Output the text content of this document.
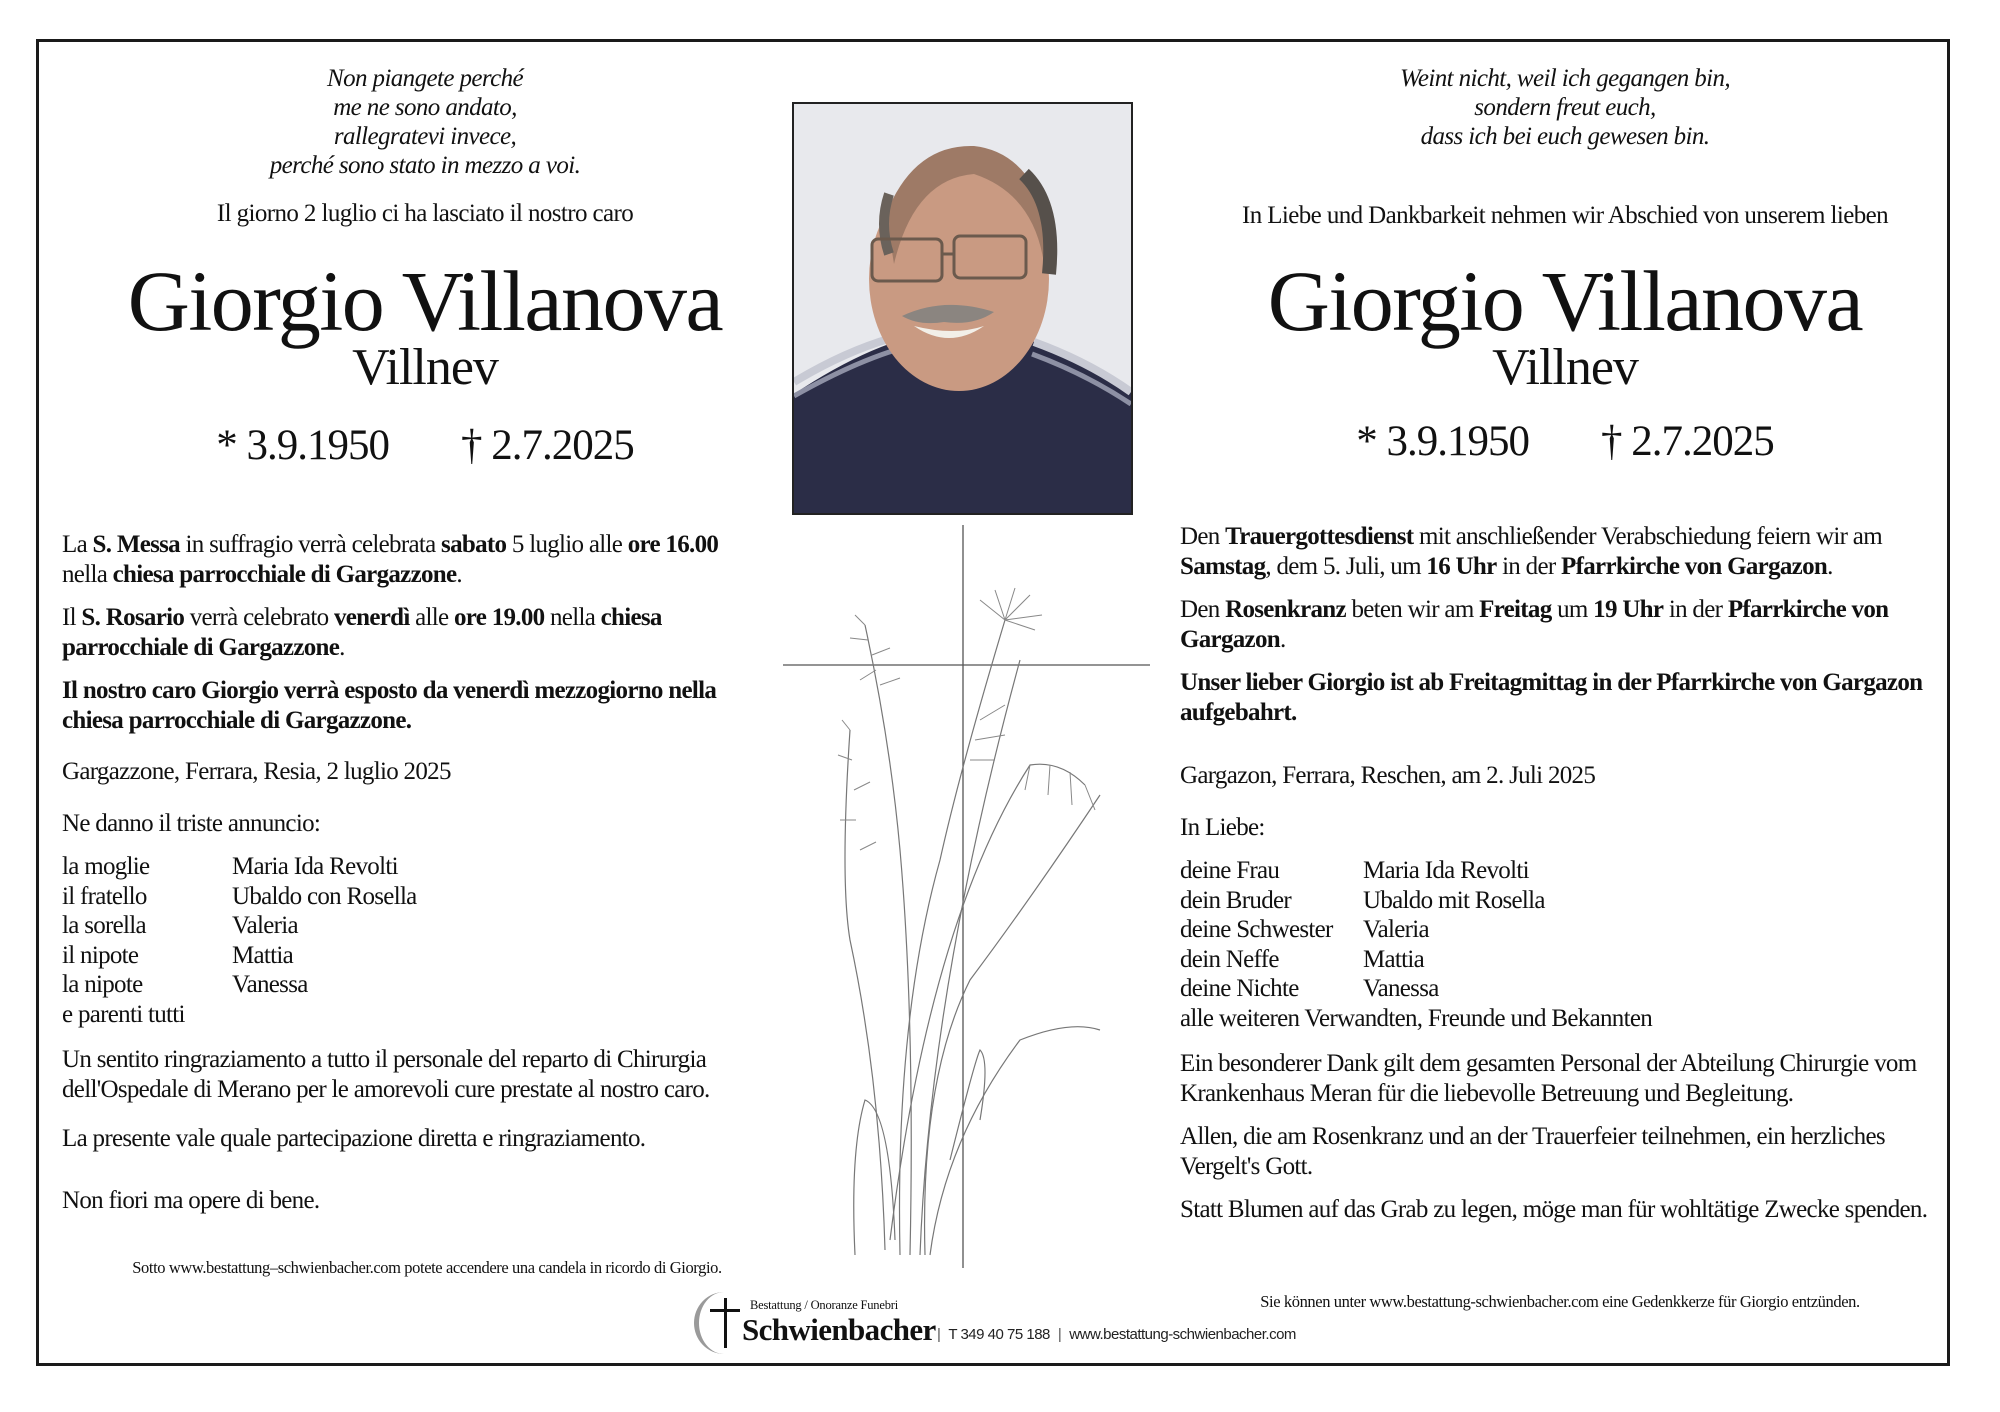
Non piangete perché
me ne sono andato,
rallegratevi invece,
perché sono stato in mezzo a voi.
Il giorno 2 luglio ci ha lasciato il nostro caro
Giorgio Villanova
Villnev
* 3.9.1950 † 2.7.2025

La S. Messa in suffragio verrà celebrata sabato 5 luglio alle ore 16.00 nella chiesa parrocchiale di Gargazzone.

Il S. Rosario verrà celebrato venerdì alle ore 19.00 nella chiesa parrocchiale di Gargazzone.

Il nostro caro Giorgio verrà esposto da venerdì mezzogiorno nella chiesa parrocchiale di Gargazzone.

Gargazzone, Ferrara, Resia, 2 luglio 2025

Ne danno il triste annuncio:

la moglie	Maria Ida Revolti
il fratello	Ubaldo con Rosella
la sorella	Valeria
il nipote	Mattia
la nipote	Vanessa
e parenti tutti

Un sentito ringraziamento a tutto il personale del reparto di Chirurgia dell'Ospedale di Merano per le amorevoli cure prestate al nostro caro.

La presente vale quale partecipazione diretta e ringraziamento.

Non fiori ma opere di bene.

Sotto www.bestattung–schwienbacher.com potete accendere una candela in ricordo di Giorgio.
Weint nicht, weil ich gegangen bin,
sondern freut euch,
dass ich bei euch gewesen bin.
In Liebe und Dankbarkeit nehmen wir Abschied von unserem lieben
Giorgio Villanova
Villnev
* 3.9.1950 † 2.7.2025

Den Trauergottesdienst mit anschließender Verabschiedung feiern wir am Samstag, dem 5. Juli, um 16 Uhr in der Pfarrkirche von Gargazon.

Den Rosenkranz beten wir am Freitag um 19 Uhr in der Pfarrkirche von Gargazon.

Unser lieber Giorgio ist ab Freitagmittag in der Pfarrkirche von Gargazon aufgebahrt.

Gargazon, Ferrara, Reschen, am 2. Juli 2025

In Liebe:

deine Frau	Maria Ida Revolti
dein Bruder	Ubaldo mit Rosella
deine Schwester	Valeria
dein Neffe	Mattia
deine Nichte	Vanessa

alle weiteren Verwandten, Freunde und Bekannten

Ein besonderer Dank gilt dem gesamten Personal der Abteilung Chirurgie vom Krankenhaus Meran für die liebevolle Betreuung und Begleitung.

Allen, die am Rosenkranz und an der Trauerfeier teilnehmen, ein herzliches Vergelt's Gott.

Statt Blumen auf das Grab zu legen, möge man für wohltätige Zwecke spenden.

Sie können unter www.bestattung-schwienbacher.com eine Gedenkkerze für Giorgio entzünden.
Bestattung / Onoranze Funebri
Schwienbacher | T 349 40 75 188 | www.bestattung-schwienbacher.com
